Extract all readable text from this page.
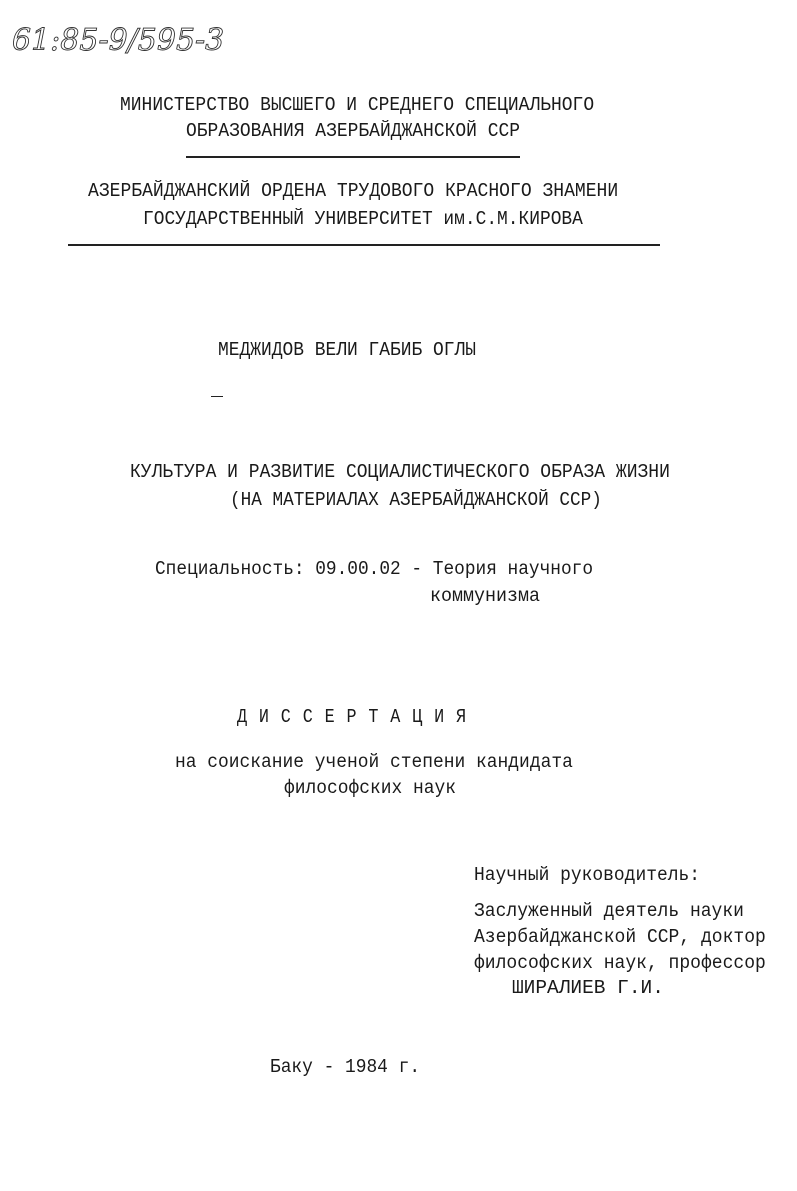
61:85-9/595-3
МИНИСТЕРСТВО ВЫСШЕГО И СРЕДНЕГО СПЕЦИАЛЬНОГО
ОБРАЗОВАНИЯ АЗЕРБАЙДЖАНСКОЙ ССР
АЗЕРБАЙДЖАНСКИЙ ОРДЕНА ТРУДОВОГО КРАСНОГО ЗНАМЕНИ
ГОСУДАРСТВЕННЫЙ УНИВЕРСИТЕТ им.С.М.КИРОВА
МЕДЖИДОВ ВЕЛИ ГАБИБ ОГЛЫ
КУЛЬТУРА И РАЗВИТИЕ СОЦИАЛИСТИЧЕСКОГО ОБРАЗА ЖИЗНИ
(НА МАТЕРИАЛАХ АЗЕРБАЙДЖАНСКОЙ ССР)
Специальность: 09.00.02 - Теория научного
коммунизма
Д И С С Е Р Т А Ц И Я
на соискание ученой степени кандидата
философских наук
Научный руководитель:
Заслуженный деятель науки
Азербайджанской ССР, доктор
философских наук, профессор
ШИРАЛИЕВ Г.И.
Баку - 1984 г.
